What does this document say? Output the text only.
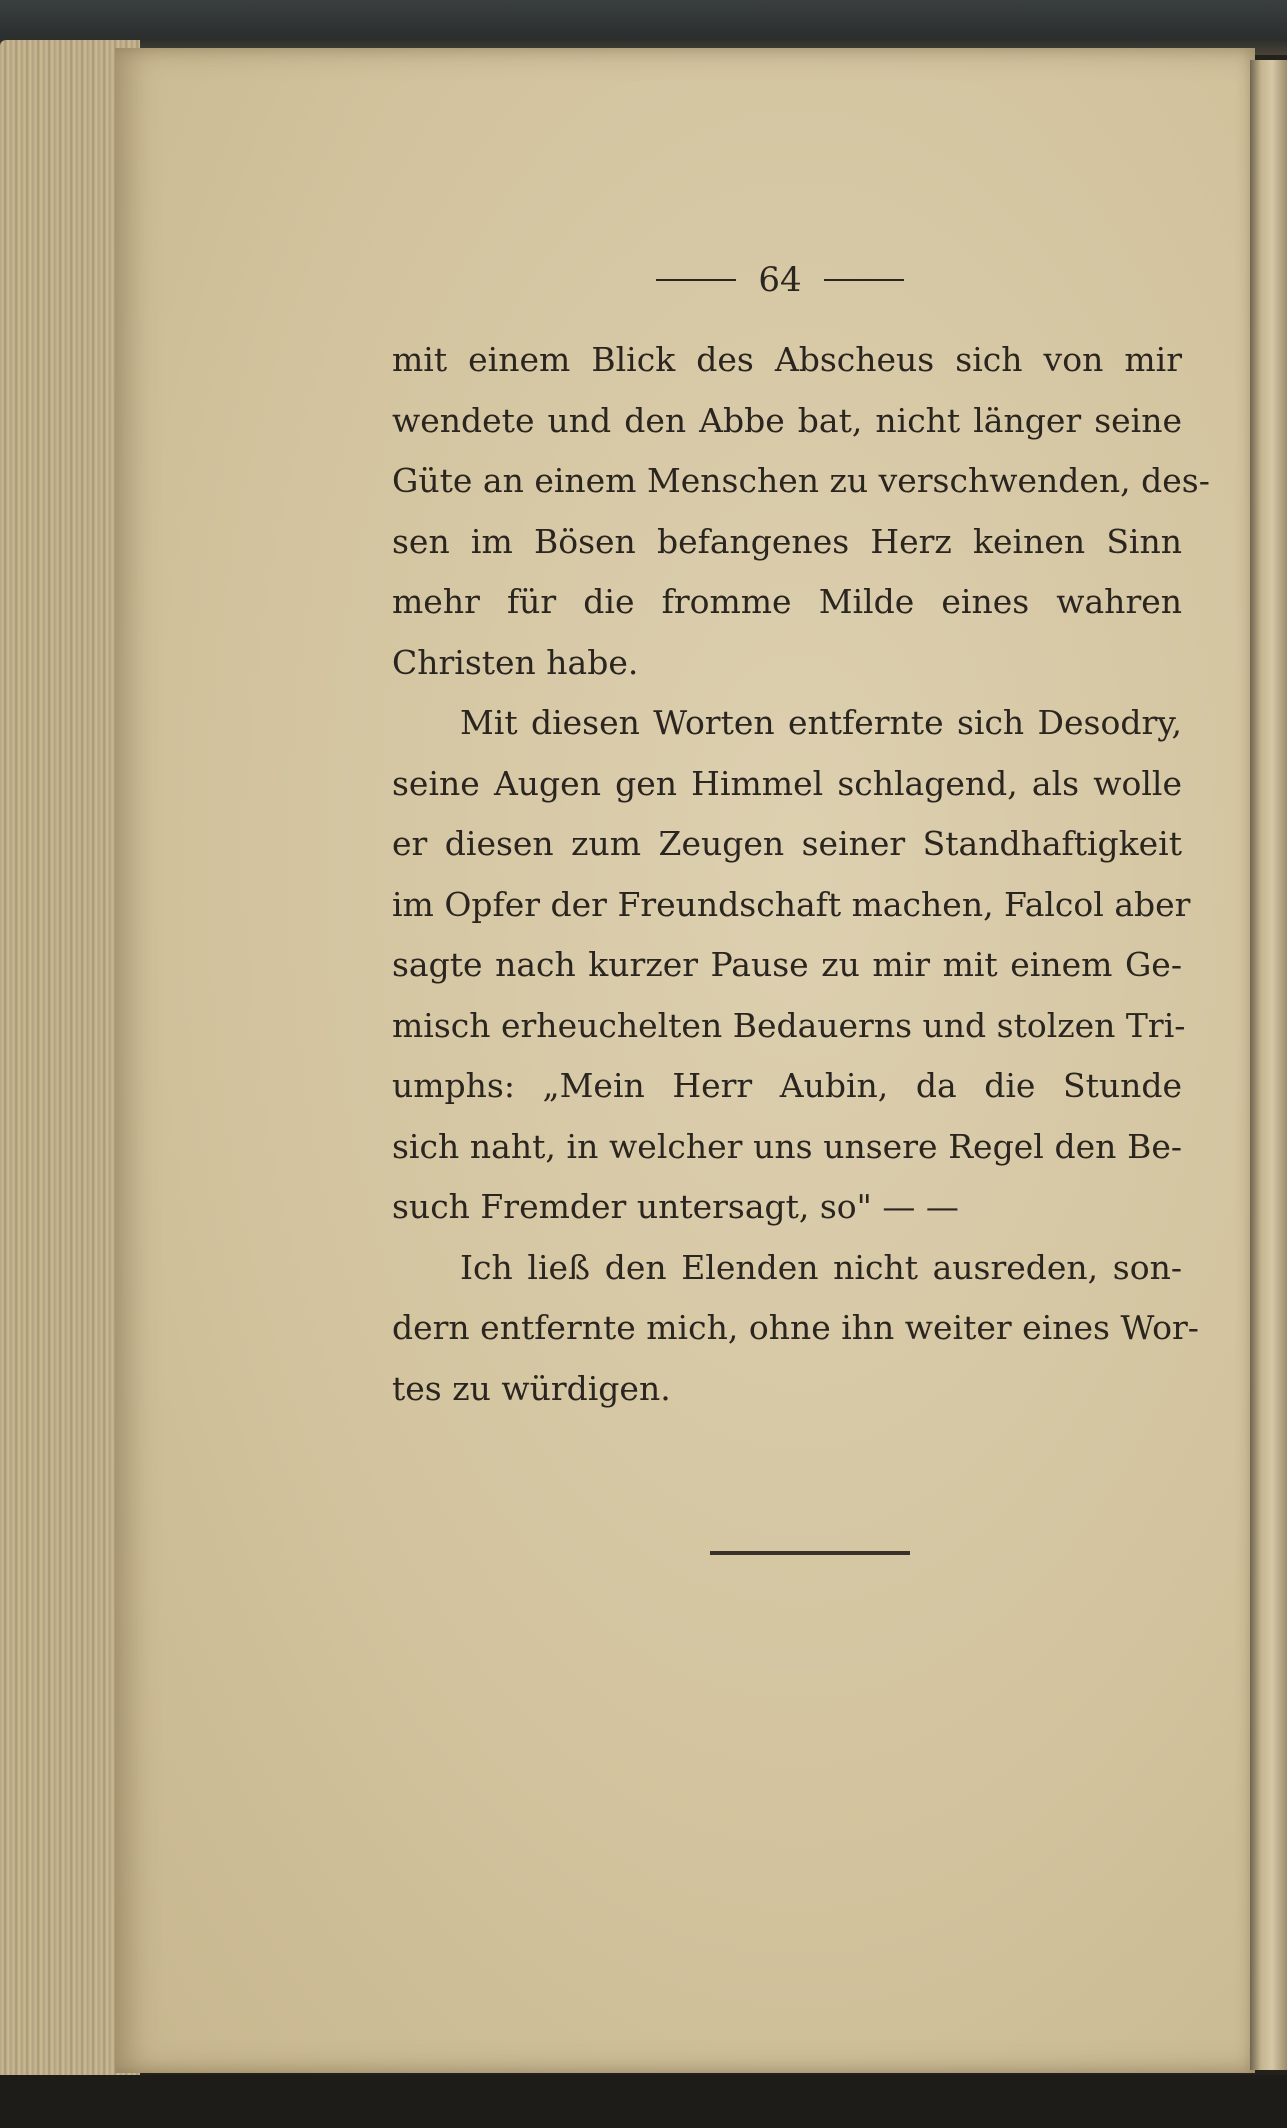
64

mit einem Blick des Abscheus sich von mir
wendete und den Abbe bat, nicht länger seine
Güte an einem Menschen zu verschwenden, des-
sen im Bösen befangenes Herz keinen Sinn
mehr für die fromme Milde eines wahren
Christen habe.

Mit diesen Worten entfernte sich Desodry,
seine Augen gen Himmel schlagend, als wolle
er diesen zum Zeugen seiner Standhaftigkeit
im Opfer der Freundschaft machen, Falcol aber
sagte nach kurzer Pause zu mir mit einem Ge-
misch erheuchelten Bedauerns und stolzen Tri-
umphs: „Mein Herr Aubin, da die Stunde
sich naht, in welcher uns unsere Regel den Be-
such Fremder untersagt, so" — —

Ich ließ den Elenden nicht ausreden, son-
dern entfernte mich, ohne ihn weiter eines Wor-
tes zu würdigen.
